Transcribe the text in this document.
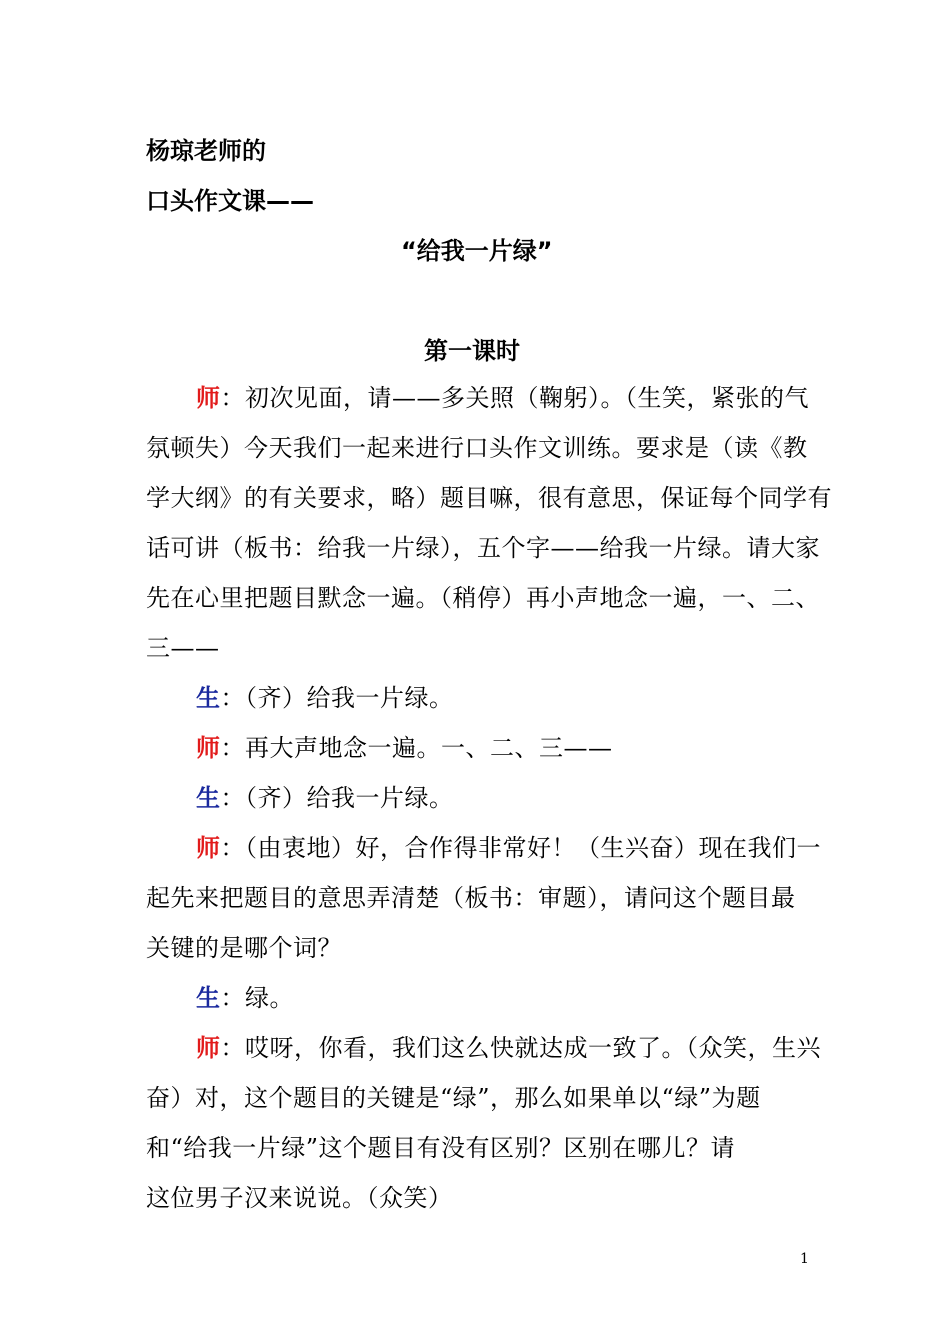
杨琼老师的
口头作文课——
“给我一片绿”
第一课时
师：初次见面，请——多关照（鞠躬）。（生笑，紧张的气
氛顿失）今天我们一起来进行口头作文训练。要求是（读《教
学大纲》的有关要求，略）题目嘛，很有意思，保证每个同学有
话可讲（板书：给我一片绿），五个字——给我一片绿。请大家
先在心里把题目默念一遍。（稍停）再小声地念一遍，一、二、
三——
生：（齐）给我一片绿。
师：再大声地念一遍。一、二、三——
生：（齐）给我一片绿。
师：（由衷地）好，合作得非常好！（生兴奋）现在我们一
起先来把题目的意思弄清楚（板书：审题），请问这个题目最
关键的是哪个词？
生：绿。
师：哎呀，你看，我们这么快就达成一致了。（众笑，生兴
奋）对，这个题目的关键是“绿”，那么如果单以“绿”为题
和“给我一片绿”这个题目有没有区别？区别在哪儿？请
这位男子汉来说说。（众笑）
1
